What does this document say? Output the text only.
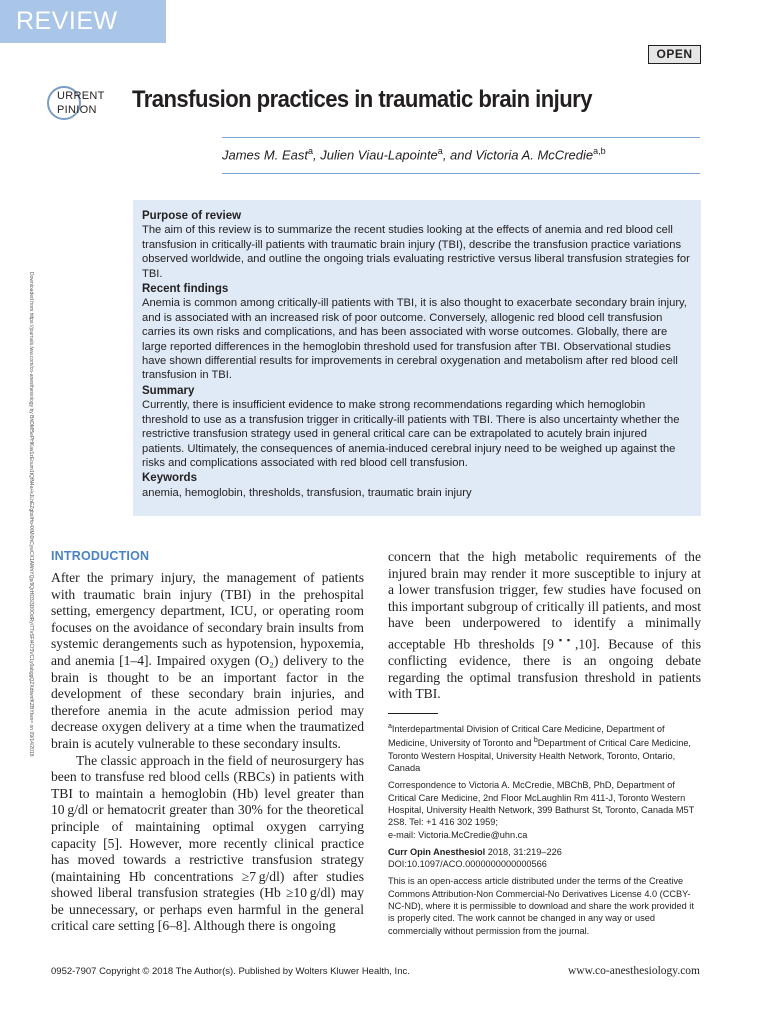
REVIEW
OPEN
URRENT
PINION Transfusion practices in traumatic brain injury
James M. East$^a$, Julien Viau-Lapointe$^a$, and Victoria A. McCredie$^{a,b}$
Downloaded from https://journals.lww.com/co-anesthesiology by BhDMf5ePHKav1zEoum1tQfN4a+kJLhEZgbsIHo4XMi0hCywCX1AWnYQp/IlQrHD3i3D0OdRyi7TvSFl4Cf3VC1y0abggQZXdtwnfKZBYtws= on 09/14/2018
Purpose of review

The aim of this review is to summarize the recent studies looking at the effects of anemia and red blood cell transfusion in critically-ill patients with traumatic brain injury (TBI), describe the transfusion practice variations observed worldwide, and outline the ongoing trials evaluating restrictive versus liberal transfusion strategies for TBI.

Recent findings

Anemia is common among critically-ill patients with TBI, it is also thought to exacerbate secondary brain injury, and is associated with an increased risk of poor outcome. Conversely, allogenic red blood cell transfusion carries its own risks and complications, and has been associated with worse outcomes. Globally, there are large reported differences in the hemoglobin threshold used for transfusion after TBI. Observational studies have shown differential results for improvements in cerebral oxygenation and metabolism after red blood cell transfusion in TBI.

Summary

Currently, there is insufficient evidence to make strong recommendations regarding which hemoglobin threshold to use as a transfusion trigger in critically-ill patients with TBI. There is also uncertainty whether the restrictive transfusion strategy used in general critical care can be extrapolated to acutely brain injured patients. Ultimately, the consequences of anemia-induced cerebral injury need to be weighed up against the risks and complications associated with red blood cell transfusion.

Keywords

anemia, hemoglobin, thresholds, transfusion, traumatic brain injury

INTRODUCTION

After the primary injury, the management of patients with traumatic brain injury (TBI) in the prehospital setting, emergency department, ICU, or operating room focuses on the avoidance of secondary brain insults from systemic derangements such as hypotension, hypoxemia, and anemia [1–4]. Impaired oxygen (O₂) delivery to the brain is thought to be an important factor in the development of these secondary brain injuries, and therefore anemia in the acute admission period may decrease oxygen delivery at a time when the traumatized brain is acutely vulnerable to these secondary insults.

The classic approach in the field of neurosurgery has been to transfuse red blood cells (RBCs) in patients with TBI to maintain a hemoglobin (Hb) level greater than 10 g/dl or hematocrit greater than 30% for the theoretical principle of maintaining optimal oxygen carrying capacity [5]. However, more recently clinical practice has moved towards a restrictive transfusion strategy (maintaining Hb concentrations ≥7 g/dl) after studies showed liberal transfusion strategies (Hb ≥10 g/dl) may be unnecessary, or perhaps even harmful in the general critical care setting [6–8]. Although there is ongoing

concern that the high metabolic requirements of the injured brain may render it more susceptible to injury at a lower transfusion trigger, few studies have focused on this important subgroup of critically ill patients, and most have been underpowered to identify a minimally acceptable Hb thresholds [9▪▪,10]. Because of this conflicting evidence, there is an ongoing debate regarding the optimal transfusion threshold in patients with TBI.

$^a$Interdepartmental Division of Critical Care Medicine, Department of Medicine, University of Toronto and $^b$Department of Critical Care Medicine, Toronto Western Hospital, University Health Network, Toronto, Ontario, Canada

Correspondence to Victoria A. McCredie, MBChB, PhD, Department of Critical Care Medicine, 2nd Floor McLaughlin Rm 411-J, Toronto Western Hospital, University Health Network, 399 Bathurst St, Toronto, Canada M5T 2S8. Tel: +1 416 302 1959;
e-mail: Victoria.McCredie@uhn.ca

Curr Opin Anesthesiol 2018, 31:219–226
DOI:10.1097/ACO.0000000000000566

This is an open-access article distributed under the terms of the Creative Commons Attribution-Non Commercial-No Derivatives License 4.0 (CCBY-NC-ND), where it is permissible to download and share the work provided it is properly cited. The work cannot be changed in any way or used commercially without permission from the journal.

0952-7907 Copyright © 2018 The Author(s). Published by Wolters Kluwer Health, Inc.	www.co-anesthesiology.com
